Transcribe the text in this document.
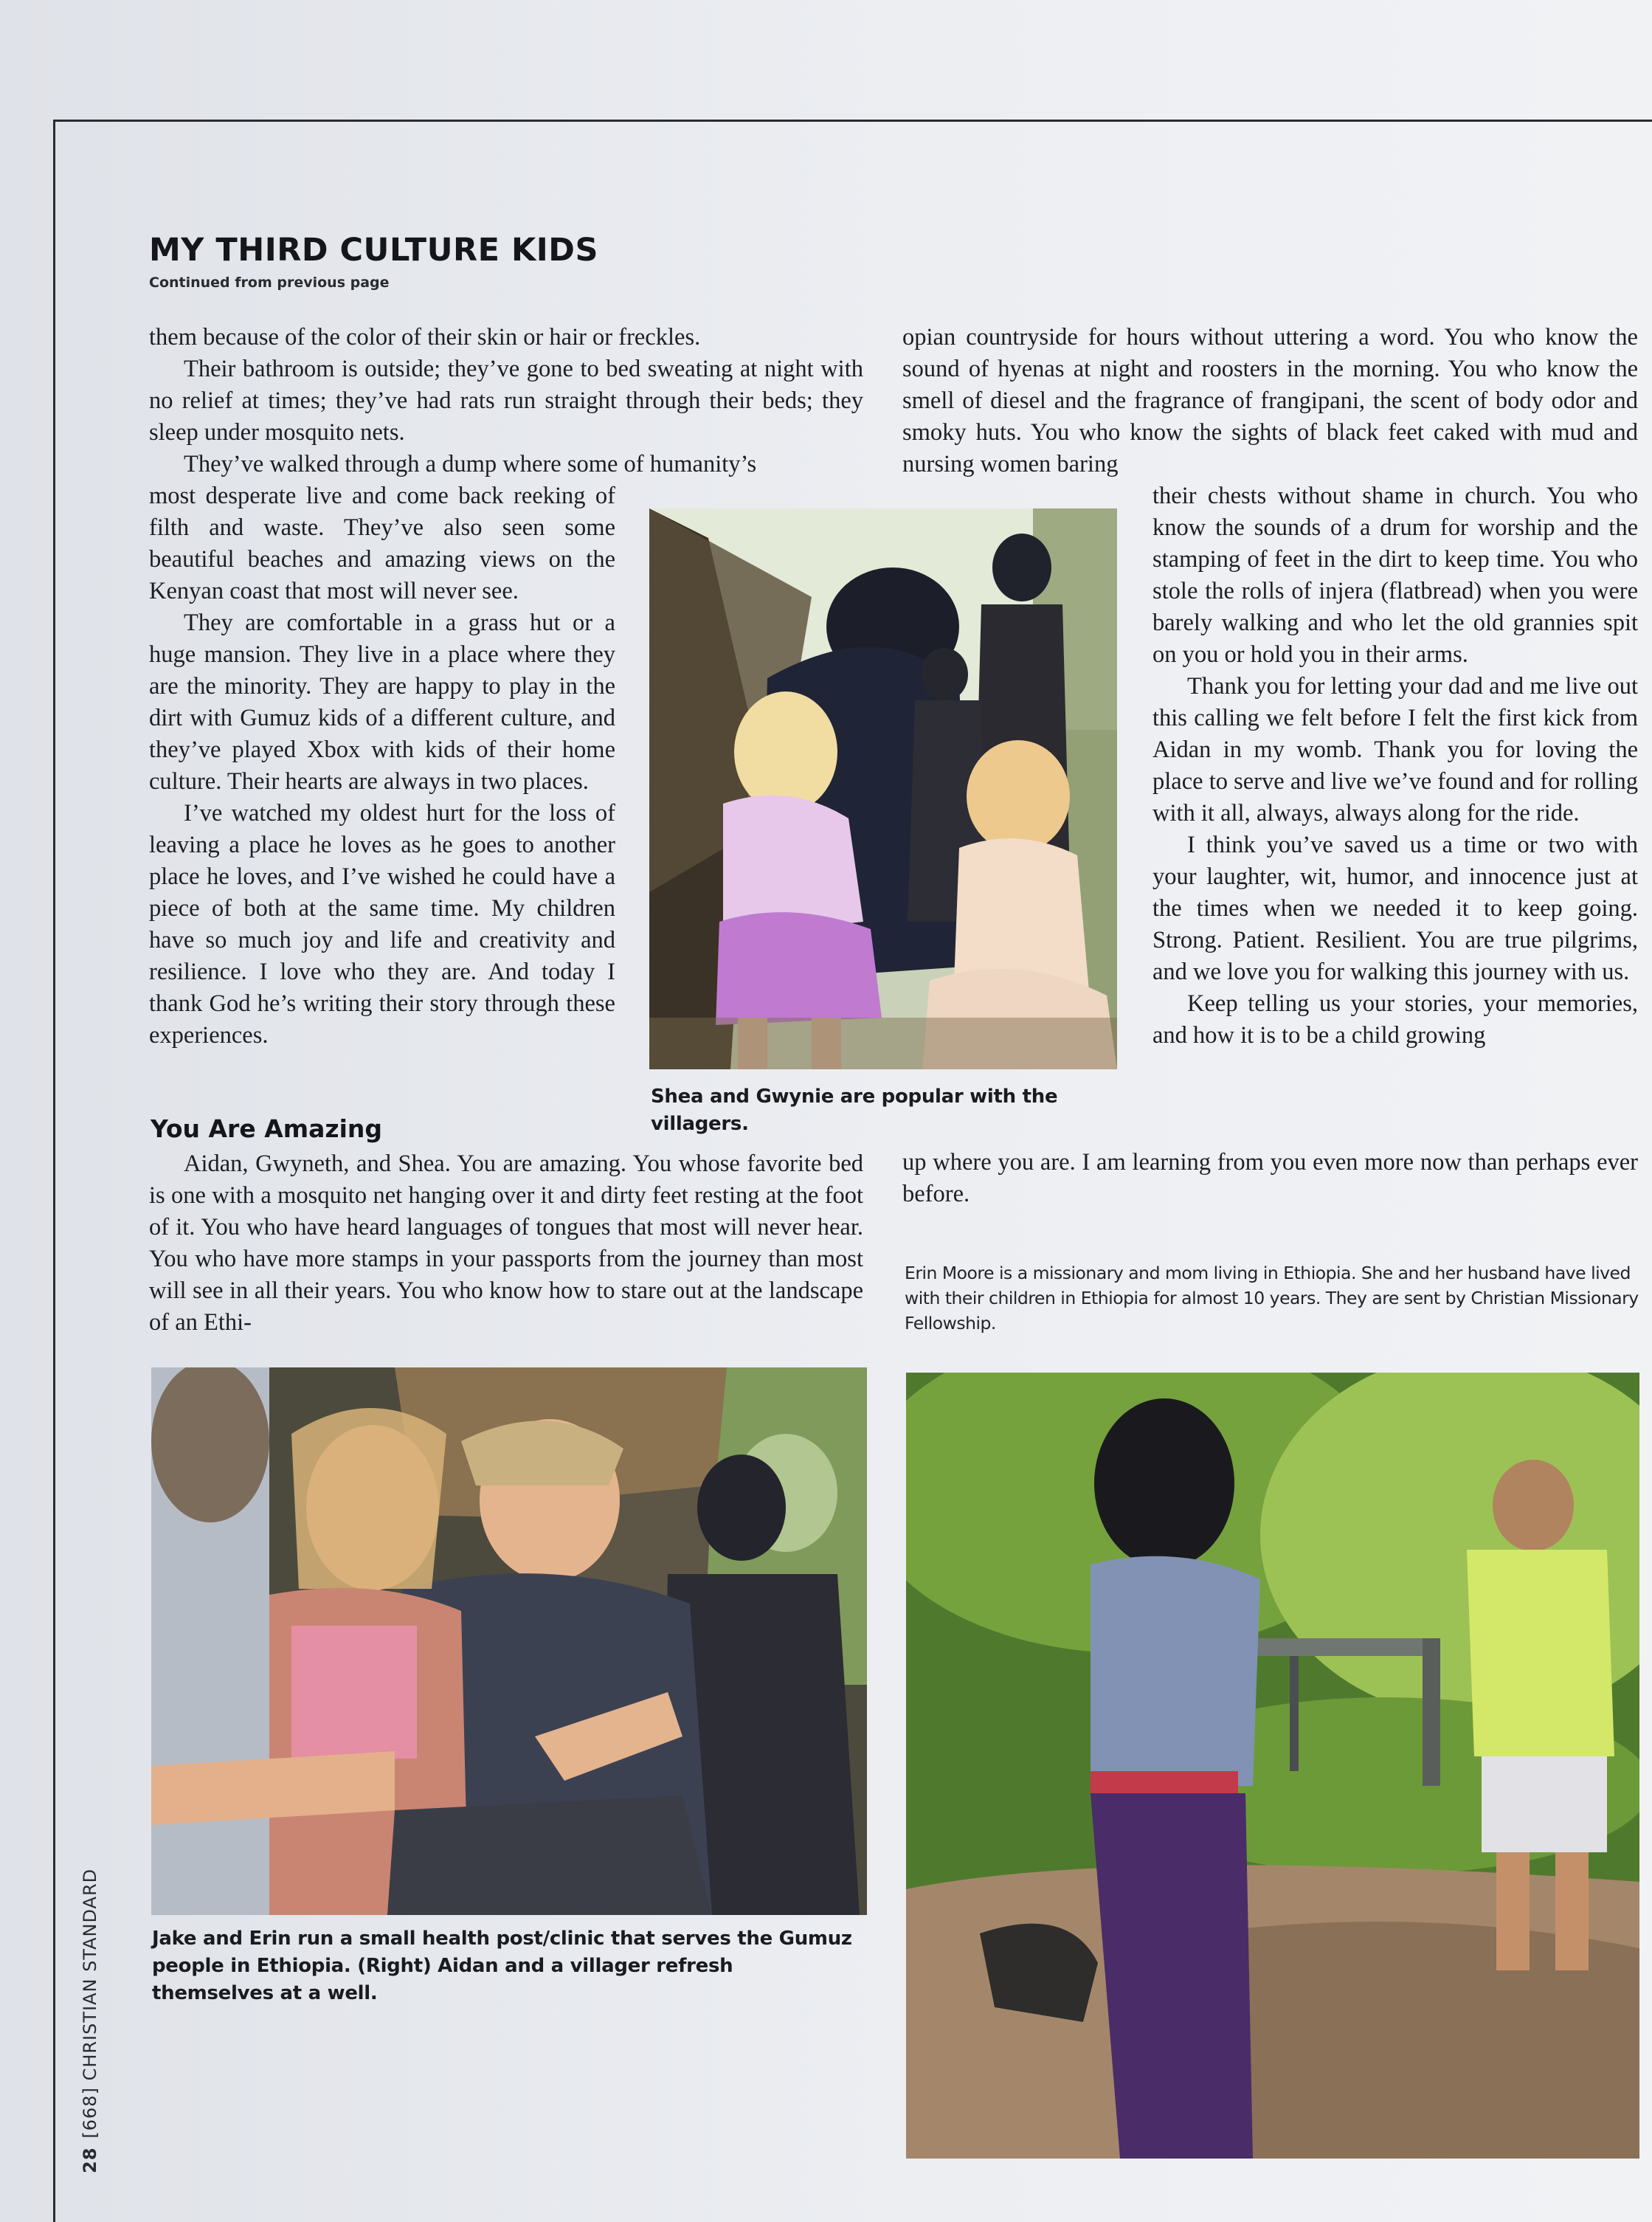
MY THIRD CULTURE KIDS
Continued from previous page

them because of the color of their skin or hair or freckles.

Their bathroom is outside; they’ve gone to bed sweating at night with no relief at times; they’ve had rats run straight through their beds; they sleep under mosquito nets.

They’ve walked through a dump where some of humanity’s

most desperate live and come back reeking of filth and waste. They’ve also seen some beautiful beaches and amazing views on the Kenyan coast that most will never see.

They are comfortable in a grass hut or a huge mansion. They live in a place where they are the minority. They are happy to play in the dirt with Gumuz kids of a different culture, and they’ve played Xbox with kids of their home culture. Their hearts are always in two places.

I’ve watched my oldest hurt for the loss of leaving a place he loves as he goes to another place he loves, and I’ve wished he could have a piece of both at the same time. My children have so much joy and life and creativity and resilience. I love who they are. And today I thank God he’s writing their story through these experiences.

You Are Amazing

Aidan, Gwyneth, and Shea. You are amazing. You whose favorite bed is one with a mosquito net hanging over it and dirty feet resting at the foot of it. You who have heard languages of tongues that most will never hear. You who have more stamps in your passports from the journey than most will see in all their years. You who know how to stare out at the landscape of an Ethi-

opian countryside for hours without uttering a word. You who know the sound of hyenas at night and roosters in the morning. You who know the smell of diesel and the fragrance of frangipani, the scent of body odor and smoky huts. You who know the sights of black feet caked with mud and nursing women baring

their chests without shame in church. You who know the sounds of a drum for worship and the stamping of feet in the dirt to keep time. You who stole the rolls of injera (flatbread) when you were barely walking and who let the old grannies spit on you or hold you in their arms.

Thank you for letting your dad and me live out this calling we felt before I felt the first kick from Aidan in my womb. Thank you for loving the place to serve and live we’ve found and for rolling with it all, always, always along for the ride.

I think you’ve saved us a time or two with your laughter, wit, humor, and innocence just at the times when we needed it to keep going. Strong. Patient. Resilient. You are true pilgrims, and we love you for walking this journey with us.

Keep telling us your stories, your memories, and how it is to be a child growing

up where you are. I am learning from you even more now than perhaps ever before.

Shea and Gwynie are popular with the villagers.
Erin Moore is a missionary and mom living in Ethiopia. She and her husband have lived with their children in Ethiopia for almost 10 years. They are sent by Christian Missionary Fellowship.
Jake and Erin run a small health post/clinic that serves the Gumuz people in Ethiopia. (Right) Aidan and a villager refresh themselves at a well.
28[668] CHRISTIAN STANDARD
